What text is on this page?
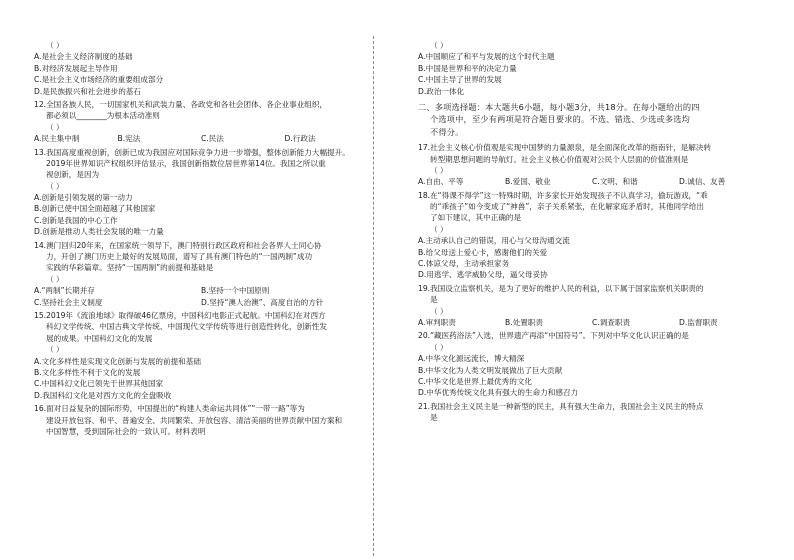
（ ）
A.是社会主义经济制度的基础
B.对经济发展起主导作用
C.是社会主义市场经济的重要组成部分
D.是民族振兴和社会进步的基石
12.全国各族人民，一切国家机关和武装力量、各政党和各社会团体、各企业事业组织，
都必须以________为根本活动准则
（ ）
A.民主集中制	B.宪法	C.民法	D.行政法
13.我国高度重视创新，创新已成为我国应对国际竞争力进一步增强，整体创新能力大幅提升。
2019年世界知识产权组织评估显示，我国创新指数位居世界第14位。我国之所以重
视创新，是因为
（ ）
A.创新是引领发展的第一动力
B.创新已使中国全面超越了其他国家
C.创新是我国的中心工作
D.创新是推动人类社会发展的唯一力量
14.澳门回归20年来，在国家统一领导下，澳门特别行政区政府和社会各界人士同心协
力，开创了澳门历史上最好的发展局面，谱写了具有澳门特色的“一国两制”成功
实践的华彩篇章。坚持“一国两制”的前提和基础是
（ ）
A.“两制”长期并存	B.坚持一个中国原则
C.坚持社会主义制度	D.坚持“澳人治澳”、高度自治的方针
15.2019年《流浪地球》取得破46亿票房，中国科幻电影正式起航。中国科幻在对西方
科幻文学传统、中国古典文学传统、中国现代文学传统等进行创造性转化，创新性发
展的成果。中国科幻文化的发展
（ ）
A.文化多样性是实现文化创新与发展的前提和基础
B.文化多样性不利于文化的发展
C.中国科幻文化已领先于世界其他国家
D.我国科幻文化是对西方文化的全盘吸收
16.面对日益复杂的国际形势，中国提出的“构建人类命运共同体”“一带一路”等为
建设开放包容、和平、普遍安全、共同繁荣、开放包容、清洁美丽的世界贡献中国方案和
中国智慧，受到国际社会的一致认可。材料表明
（ ）
A.中国顺应了和平与发展的这个时代主题
B.中国是世界和平的决定力量
C.中国主导了世界的发展
D.政治一体化
二、多项选择题：本大题共6小题，每小题3分，共18分。在每小题给出的四
个选项中，至少有两项是符合题目要求的。不选、错选、少选或多选均
不得分。
17.社会主义核心价值观是实现中国梦的力量源泉，是全面深化改革的指南针，是解决转
转型期思想问题的导航灯。社会主义核心价值观对公民个人层面的价值准则是
（ ）
A.自由、平等	B.爱国、敬业	C.文明、和谐	D.诚信、友善
18.在“得课不得学”这一特殊时期，许多家长开始发现孩子不认真学习，偷玩游戏，“乖
的“乖孩子”如今变成了“神兽”，亲子关系紧张，在化解家庭矛盾时，其他同学给出
了如下建议，其中正确的是
（ ）
A.主动承认自己的错误，用心与父母沟通交流
B.给父母送上爱心卡，感谢他们的关爱
C.体谅父母，主动承担家务
D.用逃学、逃学威胁父母，逼父母妥协
19.我国设立监察机关，是为了更好的维护人民的利益，以下属于国家监察机关职责的
是
（ ）
A.审判职责	B.处置职责	C.调查职责	D.监督职责
20.“藏医药浴法”入选，世界遗产再添“中国符号”。下列对中华文化认识正确的是
（ ）
A.中华文化源远流长，博大精深
B.中华文化为人类文明发展做出了巨大贡献
C.中华文化是世界上最优秀的文化
D.中华优秀传统文化具有强大的生命力和感召力
21.我国社会主义民主是一种新型的民主，具有强大生命力，我国社会主义民主的特点
是
